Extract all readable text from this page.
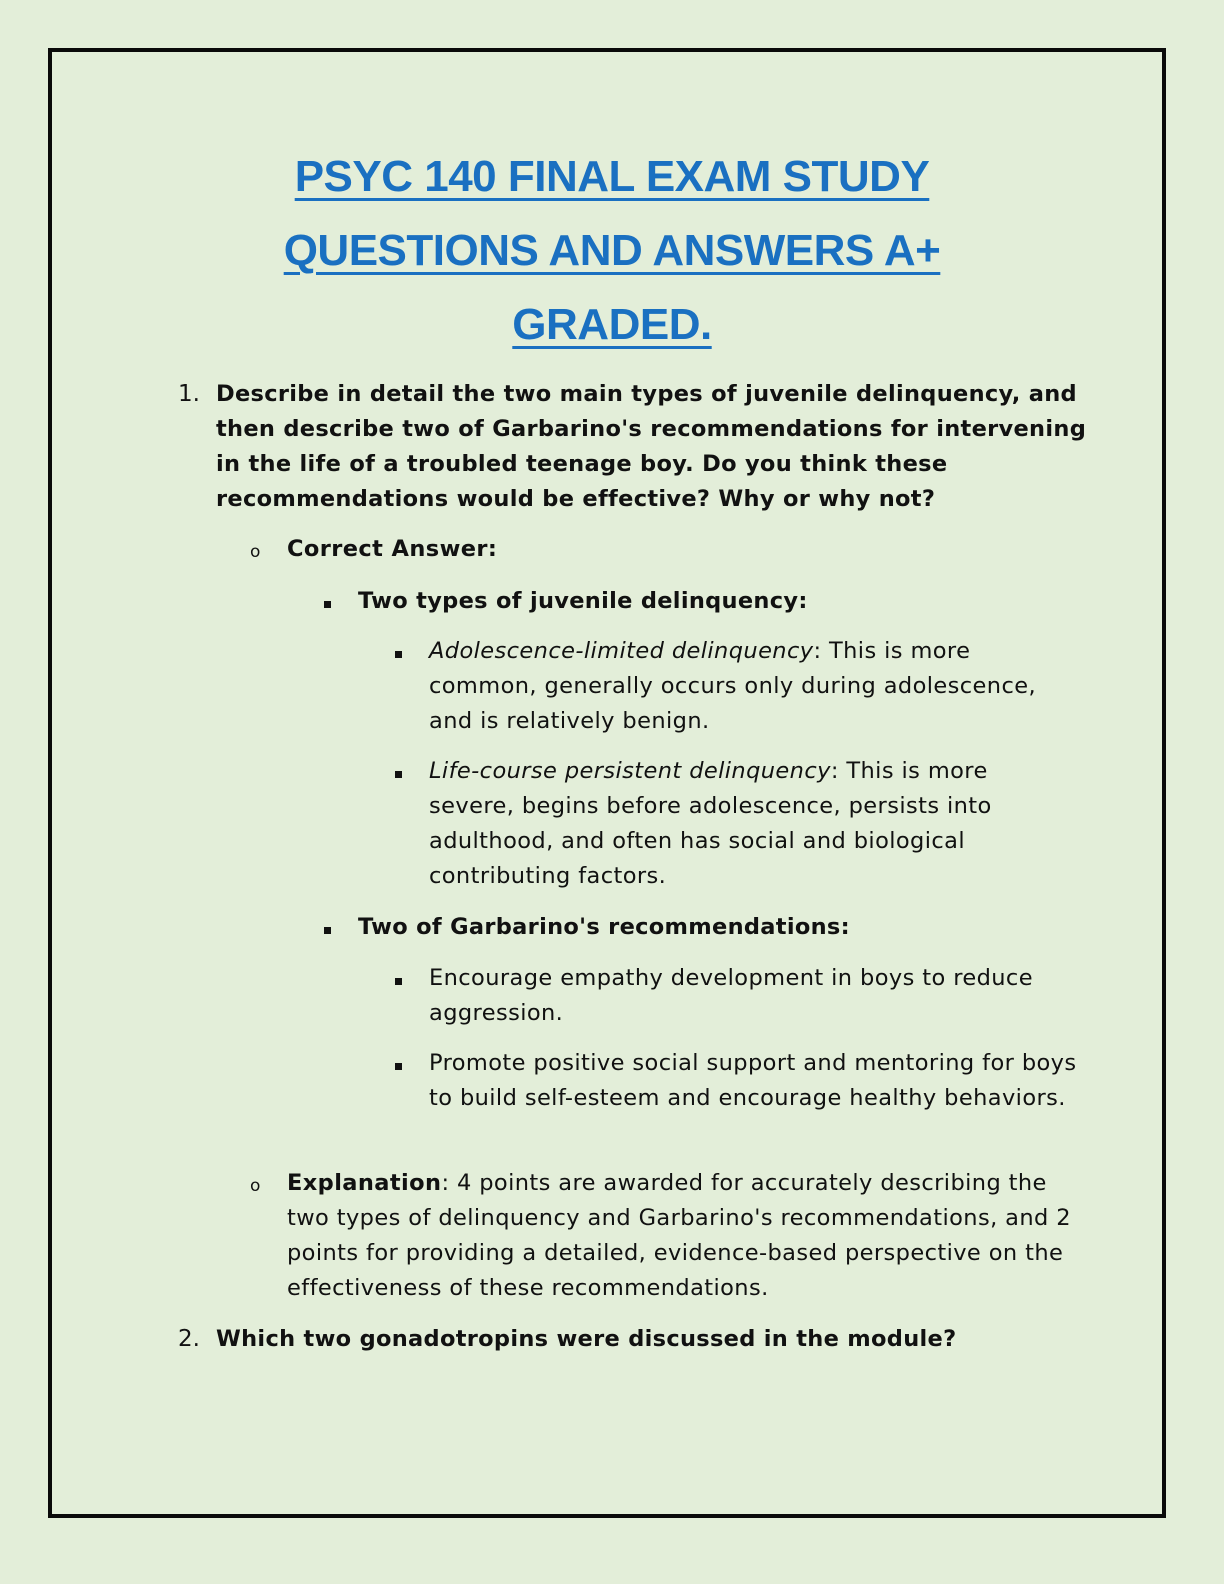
PSYC 140 FINAL EXAM STUDY
QUESTIONS AND ANSWERS A+
GRADED.
1. Describe in detail the two main types of juvenile delinquency, and then describe two of Garbarino's recommendations for intervening in the life of a troubled teenage boy. Do you think these recommendations would be effective? Why or why not?
o Correct Answer:
Two types of juvenile delinquency:
Adolescence-limited delinquency: This is more common, generally occurs only during adolescence, and is relatively benign.
Life-course persistent delinquency: This is more severe, begins before adolescence, persists into adulthood, and often has social and biological contributing factors.
Two of Garbarino's recommendations:
Encourage empathy development in boys to reduce aggression.
Promote positive social support and mentoring for boys to build self-esteem and encourage healthy behaviors.
o Explanation: 4 points are awarded for accurately describing the two types of delinquency and Garbarino's recommendations, and 2 points for providing a detailed, evidence-based perspective on the effectiveness of these recommendations.
2. Which two gonadotropins were discussed in the module?
